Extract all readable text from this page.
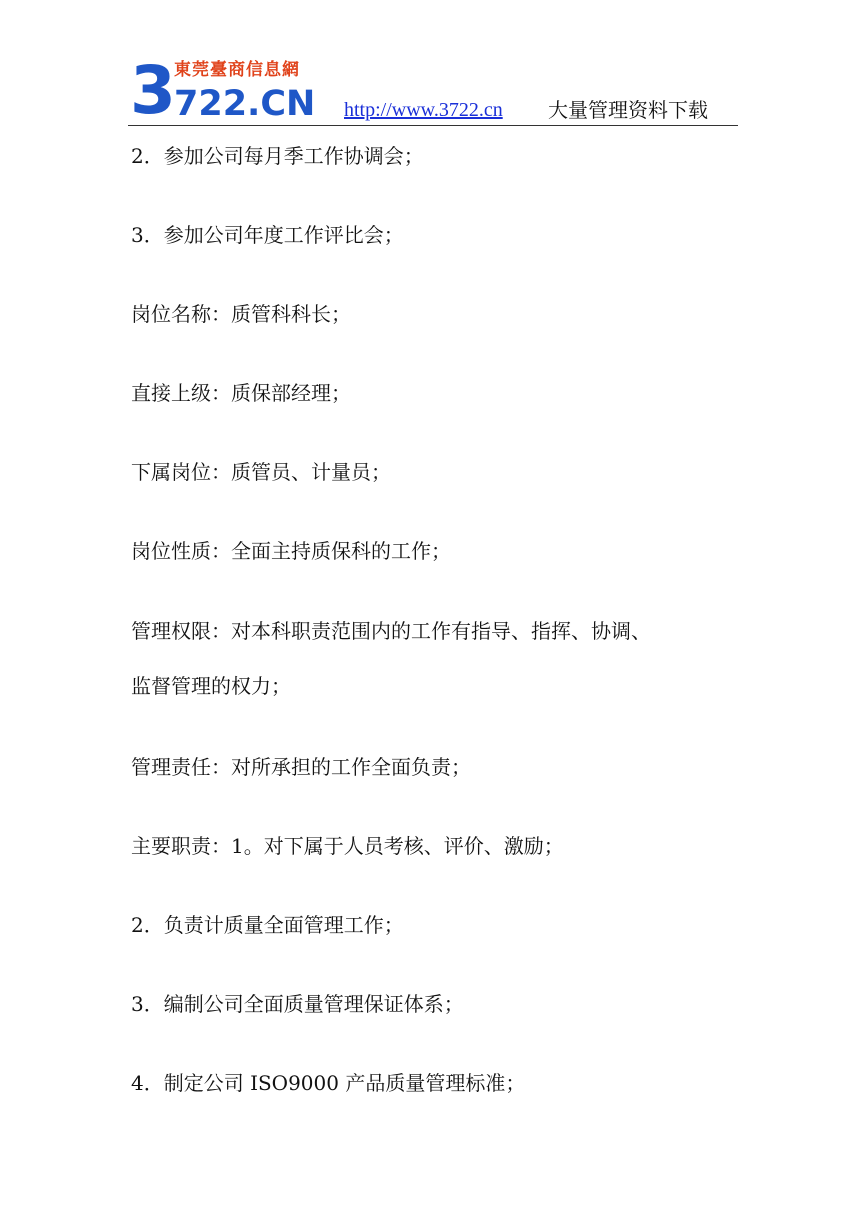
3
東莞臺商信息網
722.CN http://www.3722.cn 大量管理资料下载
2．参加公司每月季工作协调会；
3．参加公司年度工作评比会；
岗位名称：质管科科长；
直接上级：质保部经理；
下属岗位：质管员、计量员；
岗位性质：全面主持质保科的工作；
管理权限：对本科职责范围内的工作有指导、指挥、协调、
监督管理的权力；
管理责任：对所承担的工作全面负责；
主要职责：1。对下属于人员考核、评价、激励；
2．负责计质量全面管理工作；
3．编制公司全面质量管理保证体系；
4．制定公司 ISO9000 产品质量管理标准；
